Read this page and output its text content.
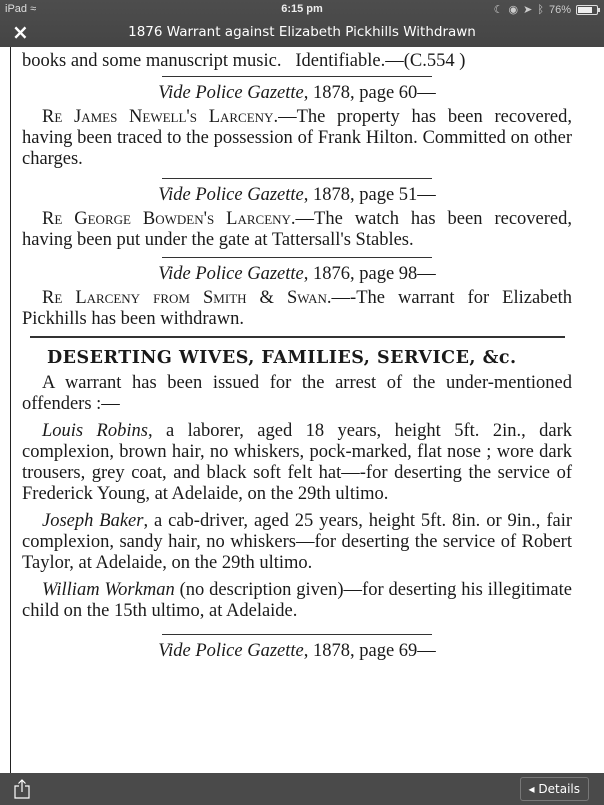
iPad ≈	6:15 pm	☾ ◉ ➤ ᛒ 76%
×	1876 Warrant against Elizabeth Pickhills Withdrawn

books and some manuscript music.   Identifiable.—(C.554 )

Vide Police Gazette, 1878, page 60—

Re James Newell's Larceny.—The property has been recovered, having been traced to the possession of Frank Hilton. Committed on other charges.

Vide Police Gazette, 1878, page 51—

Re George Bowden's Larceny.—The watch has been recovered, having been put under the gate at Tattersall's Stables.

Vide Police Gazette, 1876, page 98—

Re Larceny from Smith & Swan.—-The warrant for Elizabeth Pickhills has been withdrawn.

DESERTING WIVES, FAMILIES, SERVICE, &c.

A warrant has been issued for the arrest of the under-mentioned offenders :—

Louis Robins, a laborer, aged 18 years, height 5ft. 2in., dark complexion, brown hair, no whiskers, pock-marked, flat nose ; wore dark trousers, grey coat, and black soft felt hat—-for deserting the service of Frederick Young, at Adelaide, on the 29th ultimo.

Joseph Baker, a cab-driver, aged 25 years, height 5ft. 8in. or 9in., fair complexion, sandy hair, no whiskers—for deserting the service of Robert Taylor, at Adelaide, on the 29th ultimo.

William Workman (no description given)—for deserting his illegitimate child on the 15th ultimo, at Adelaide.

Vide Police Gazette, 1878, page 69—

◂ Details
